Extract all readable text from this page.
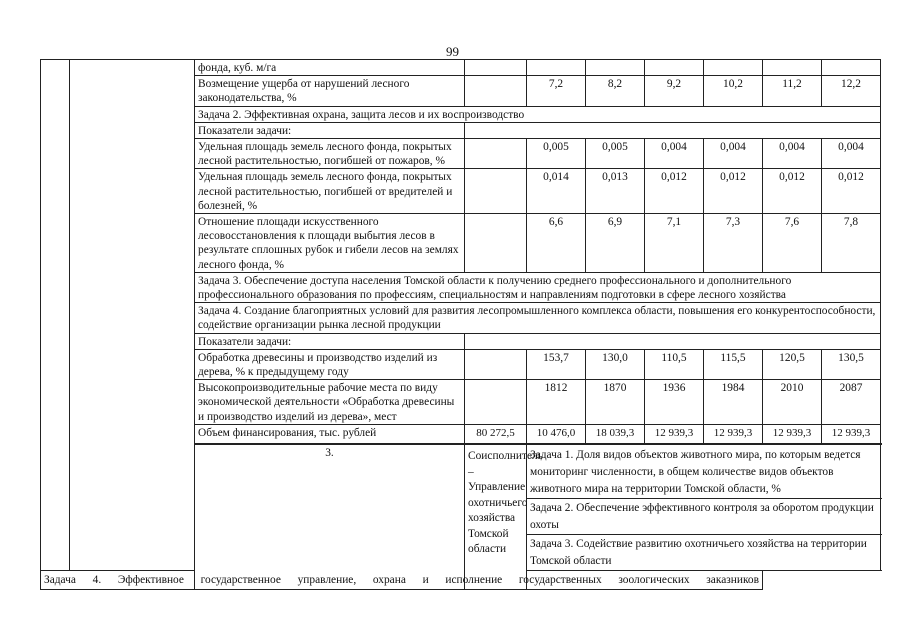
99
		фонда, куб. м/га							
		Возмещение ущерба от нарушений лесного законодательства, %		7,2	8,2	9,2	10,2	11,2	12,2
		Задача 2. Эффективная охрана, защита лесов и их воспроизводство							
		Показатели задачи:							
		Удельная площадь земель лесного фонда, покрытых лесной растительностью, погибшей от пожаров, %		0,005	0,005	0,004	0,004	0,004	0,004
		Удельная площадь земель лесного фонда, покрытых лесной растительностью, погибшей от вредителей и болезней, %		0,014	0,013	0,012	0,012	0,012	0,012
		Отношение площади искусственного лесовосстановления к площади выбытия лесов в результате сплошных рубок и гибели лесов на землях лесного фонда, %		6,6	6,9	7,1	7,3	7,6	7,8
		Задача 3. Обеспечение доступа населения Томской области к получению среднего профессионального и дополнительного профессионального образования по профессиям, специальностям и направлениям подготовки в сфере лесного хозяйства							
		Задача 4. Создание благоприятных условий для развития лесопромышленного комплекса области, повышения его конкурентоспособности, содействие организации рынка лесной продукции							
		Показатели задачи:							
		Обработка древесины и производство изделий из дерева, % к предыдущему году		153,7	130,0	110,5	115,5	120,5	130,5
		Высокопроизводительные рабочие места по виду экономической деятельности «Обработка древесины и производство изделий из дерева», мест		1812	1870	1936	1984	2010	2087
		Объем финансирования, тыс. рублей	80 272,5	10 476,0	18 039,3	12 939,3	12 939,3	12 939,3	12 939,3
		3.	Соисполнитель – Управление охотничьего хозяйства Томской области	Задача 1. Доля видов объектов животного мира, по которым ведется мониторинг численности, в общем количестве видов объектов животного мира на территории Томской области, %					
				Задача 2. Обеспечение эффективного контроля за оборотом продукции охоты					
				Задача 3. Содействие развитию охотничьего хозяйства на территории Томской области					
Задача 4. Эффективное государственное управление, охрана и исполнение государственных зоологических заказников									
